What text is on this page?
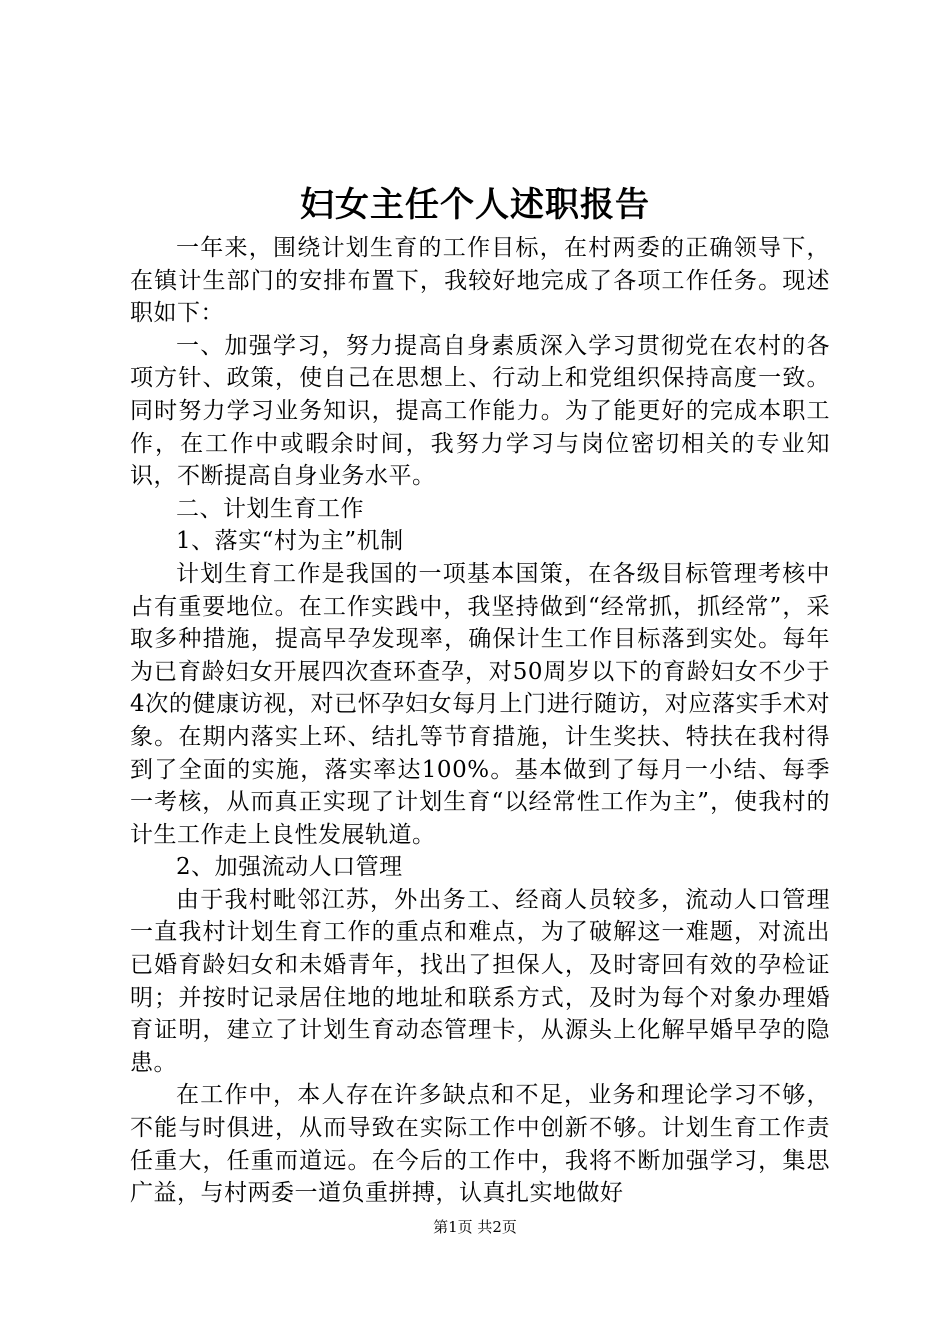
妇女主任个人述职报告

一年来，围绕计划生育的工作目标，在村两委的正确领导下，在镇计生部门的安排布置下，我较好地完成了各项工作任务。现述职如下：

一、加强学习，努力提高自身素质深入学习贯彻党在农村的各项方针、政策，使自己在思想上、行动上和党组织保持高度一致。同时努力学习业务知识，提高工作能力。为了能更好的完成本职工作，在工作中或暇余时间，我努力学习与岗位密切相关的专业知识，不断提高自身业务水平。

二、计划生育工作

1、落实“村为主”机制

计划生育工作是我国的一项基本国策，在各级目标管理考核中占有重要地位。在工作实践中，我坚持做到“经常抓，抓经常”，采取多种措施，提高早孕发现率，确保计生工作目标落到实处。每年为已育龄妇女开展四次查环查孕，对50周岁以下的育龄妇女不少于4次的健康访视，对已怀孕妇女每月上门进行随访，对应落实手术对象。在期内落实上环、结扎等节育措施，计生奖扶、特扶在我村得到了全面的实施，落实率达100%。基本做到了每月一小结、每季一考核，从而真正实现了计划生育“以经常性工作为主”，使我村的计生工作走上良性发展轨道。

2、加强流动人口管理

由于我村毗邻江苏，外出务工、经商人员较多，流动人口管理一直我村计划生育工作的重点和难点，为了破解这一难题，对流出已婚育龄妇女和未婚青年，找出了担保人，及时寄回有效的孕检证明；并按时记录居住地的地址和联系方式，及时为每个对象办理婚育证明，建立了计划生育动态管理卡，从源头上化解早婚早孕的隐患。

在工作中，本人存在许多缺点和不足，业务和理论学习不够，不能与时俱进，从而导致在实际工作中创新不够。计划生育工作责任重大，任重而道远。在今后的工作中，我将不断加强学习，集思广益，与村两委一道负重拼搏，认真扎实地做好

第1页 共2页
